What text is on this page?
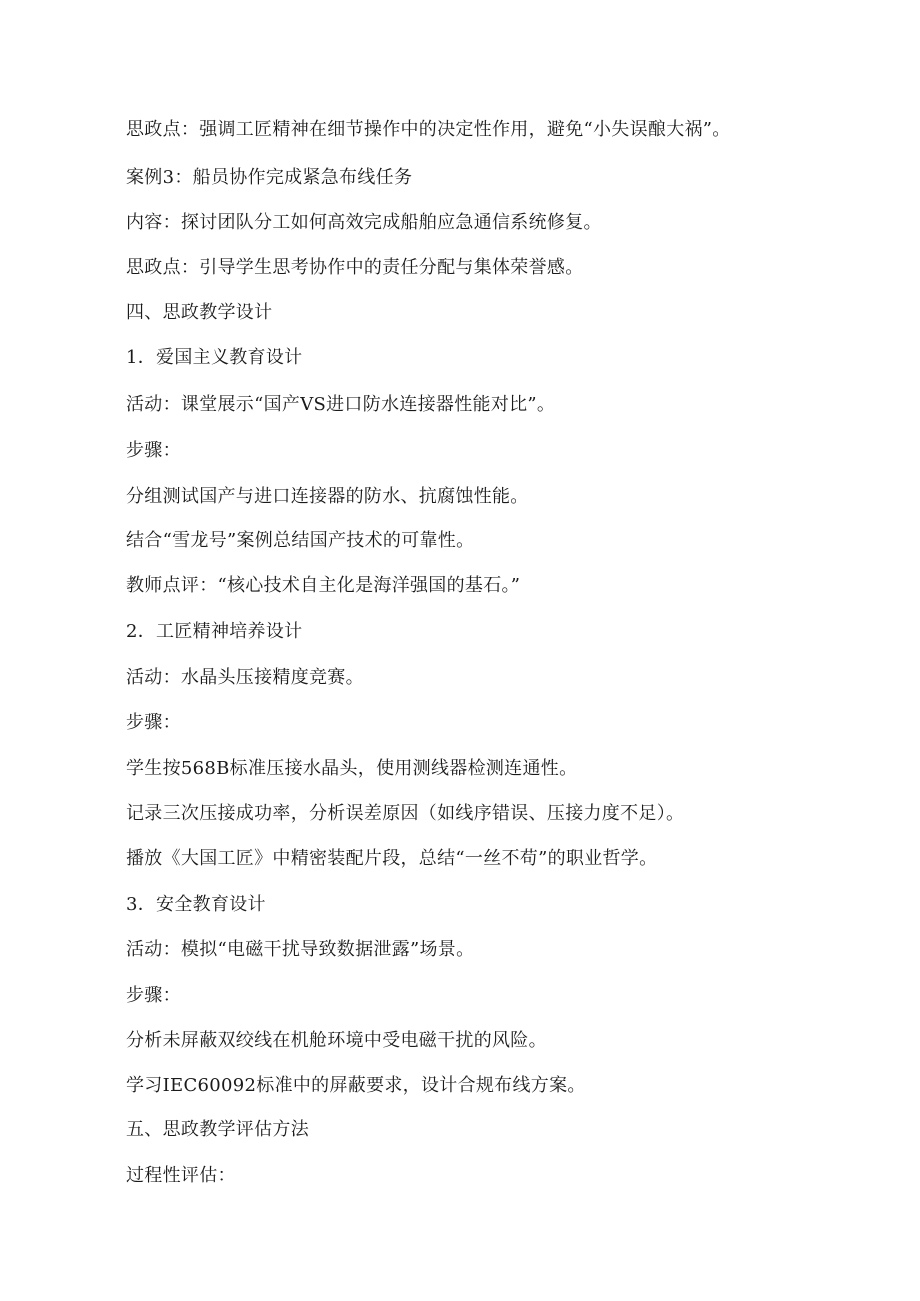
思政点：强调工匠精神在细节操作中的决定性作用，避免“小失误酿大祸”。
案例3：船员协作完成紧急布线任务
内容：探讨团队分工如何高效完成船舶应急通信系统修复。
思政点：引导学生思考协作中的责任分配与集体荣誉感。
四、思政教学设计
1．爱国主义教育设计
活动：课堂展示“国产VS进口防水连接器性能对比”。
步骤：
分组测试国产与进口连接器的防水、抗腐蚀性能。
结合“雪龙号”案例总结国产技术的可靠性。
教师点评：“核心技术自主化是海洋强国的基石。”
2．工匠精神培养设计
活动：水晶头压接精度竞赛。
步骤：
学生按568B标准压接水晶头，使用测线器检测连通性。
记录三次压接成功率，分析误差原因（如线序错误、压接力度不足）。
播放《大国工匠》中精密装配片段，总结“一丝不苟”的职业哲学。
3．安全教育设计
活动：模拟“电磁干扰导致数据泄露”场景。
步骤：
分析未屏蔽双绞线在机舱环境中受电磁干扰的风险。
学习IEC60092标准中的屏蔽要求，设计合规布线方案。
五、思政教学评估方法
过程性评估：
